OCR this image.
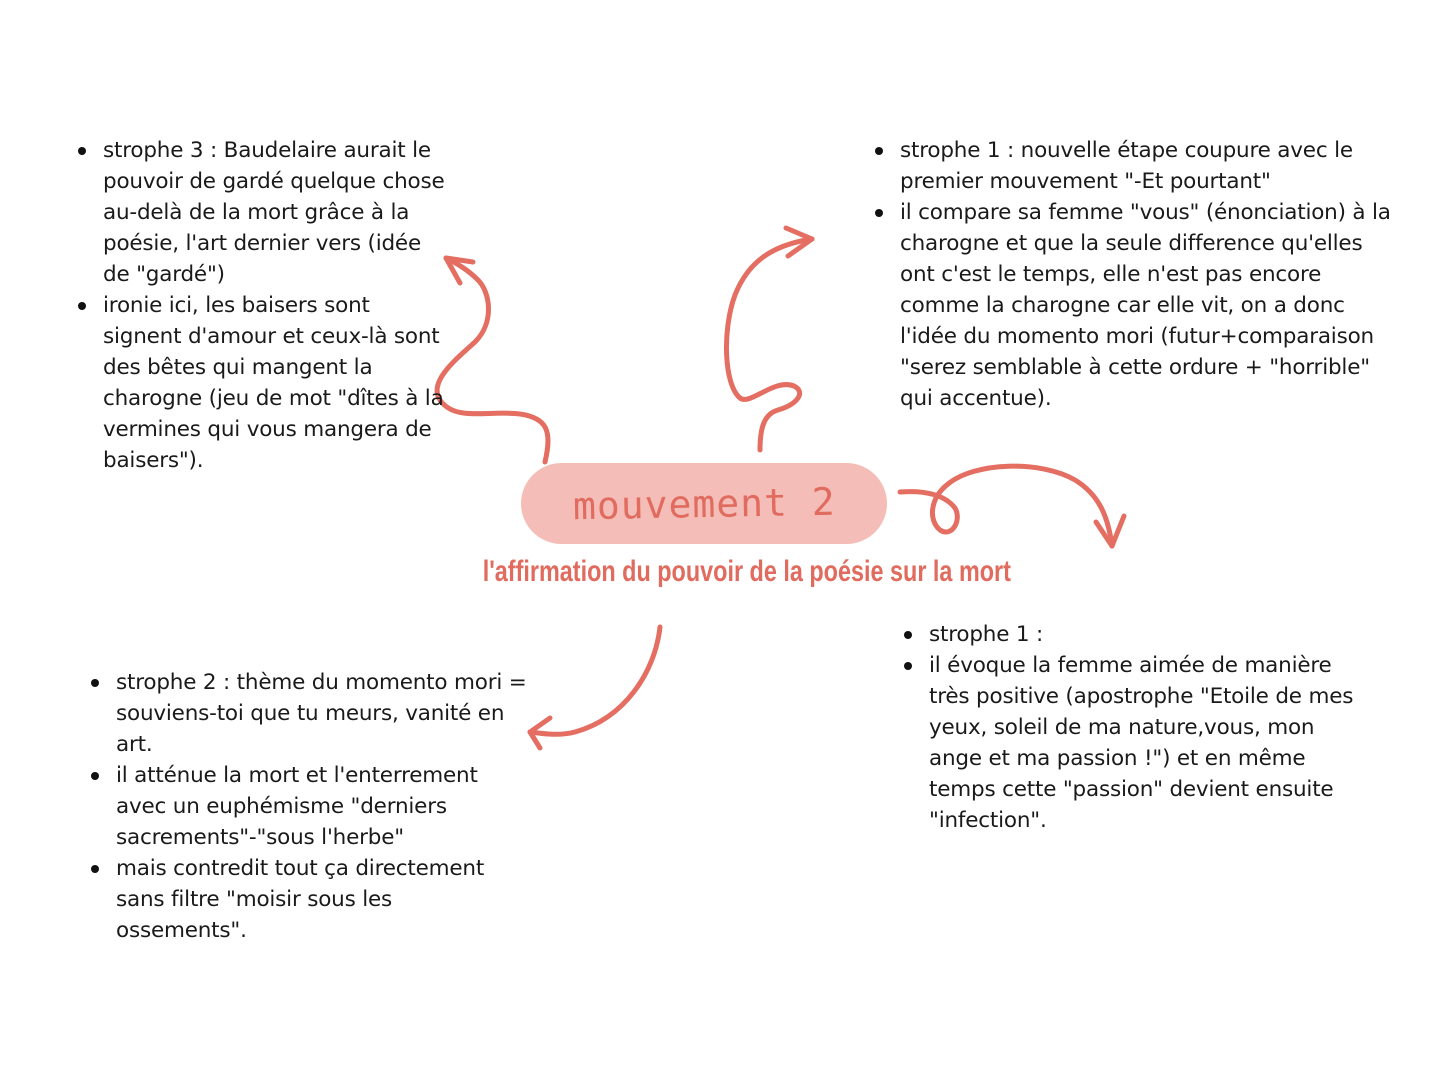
strophe 3 : Baudelaire aurait le pouvoir de gardé quelque chose au-delà de la mort grâce à la poésie, l'art dernier vers (idée de "gardé")
ironie ici, les baisers sont signent d'amour et ceux-là sont des bêtes qui mangent la charogne (jeu de mot "dîtes à la vermines qui vous mangera de baisers").
strophe 1 : nouvelle étape coupure avec le premier mouvement "-Et pourtant"
il compare sa femme "vous" (énonciation) à la charogne et que la seule difference qu'elles ont c'est le temps, elle n'est pas encore comme la charogne car elle vit, on a donc l'idée du momento mori (futur+comparaison "serez semblable à cette ordure + "horrible" qui accentue).
mouvement 2
l'affirmation du pouvoir de la poésie sur la mort
strophe 2 : thème du momento mori = souviens-toi que tu meurs, vanité en art.
il atténue la mort et l'enterrement avec un euphémisme "derniers sacrements"-"sous l'herbe"
mais contredit tout ça directement sans filtre "moisir sous les ossements".
strophe 1 :
il évoque la femme aimée de manière très positive (apostrophe "Etoile de mes yeux, soleil de ma nature,vous, mon ange et ma passion !") et en même temps cette "passion" devient ensuite "infection".
